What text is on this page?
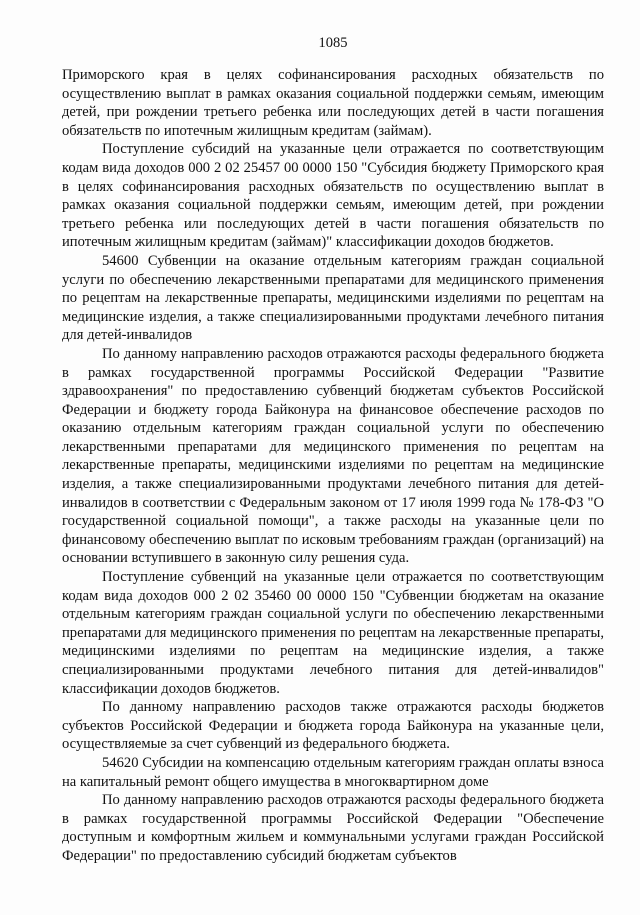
1085

Приморского края в целях софинансирования расходных обязательств по осуществлению выплат в рамках оказания социальной поддержки семьям, имеющим детей, при рождении третьего ребенка или последующих детей в части погашения обязательств по ипотечным жилищным кредитам (займам).

Поступление субсидий на указанные цели отражается по соответствующим кодам вида доходов 000 2 02 25457 00 0000 150 "Субсидия бюджету Приморского края в целях софинансирования расходных обязательств по осуществлению выплат в рамках оказания социальной поддержки семьям, имеющим детей, при рождении третьего ребенка или последующих детей в части погашения обязательств по ипотечным жилищным кредитам (займам)" классификации доходов бюджетов.

54600 Субвенции на оказание отдельным категориям граждан социальной услуги по обеспечению лекарственными препаратами для медицинского применения по рецептам на лекарственные препараты, медицинскими изделиями по рецептам на медицинские изделия, а также специализированными продуктами лечебного питания для детей-инвалидов

По данному направлению расходов отражаются расходы федерального бюджета в рамках государственной программы Российской Федерации "Развитие здравоохранения" по предоставлению субвенций бюджетам субъектов Российской Федерации и бюджету города Байконура на финансовое обеспечение расходов по оказанию отдельным категориям граждан социальной услуги по обеспечению лекарственными препаратами для медицинского применения по рецептам на лекарственные препараты, медицинскими изделиями по рецептам на медицинские изделия, а также специализированными продуктами лечебного питания для детей-инвалидов в соответствии с Федеральным законом от 17 июля 1999 года № 178-ФЗ "О государственной социальной помощи", а также расходы на указанные цели по финансовому обеспечению выплат по исковым требованиям граждан (организаций) на основании вступившего в законную силу решения суда.

Поступление субвенций на указанные цели отражается по соответствующим кодам вида доходов 000 2 02 35460 00 0000 150 "Субвенции бюджетам на оказание отдельным категориям граждан социальной услуги по обеспечению лекарственными препаратами для медицинского применения по рецептам на лекарственные препараты, медицинскими изделиями по рецептам на медицинские изделия, а также специализированными продуктами лечебного питания для детей-инвалидов" классификации доходов бюджетов.

По данному направлению расходов также отражаются расходы бюджетов субъектов Российской Федерации и бюджета города Байконура на указанные цели, осуществляемые за счет субвенций из федерального бюджета.

54620 Субсидии на компенсацию отдельным категориям граждан оплаты взноса на капитальный ремонт общего имущества в многоквартирном доме

По данному направлению расходов отражаются расходы федерального бюджета в рамках государственной программы Российской Федерации "Обеспечение доступным и комфортным жильем и коммунальными услугами граждан Российской Федерации" по предоставлению субсидий бюджетам субъектов
